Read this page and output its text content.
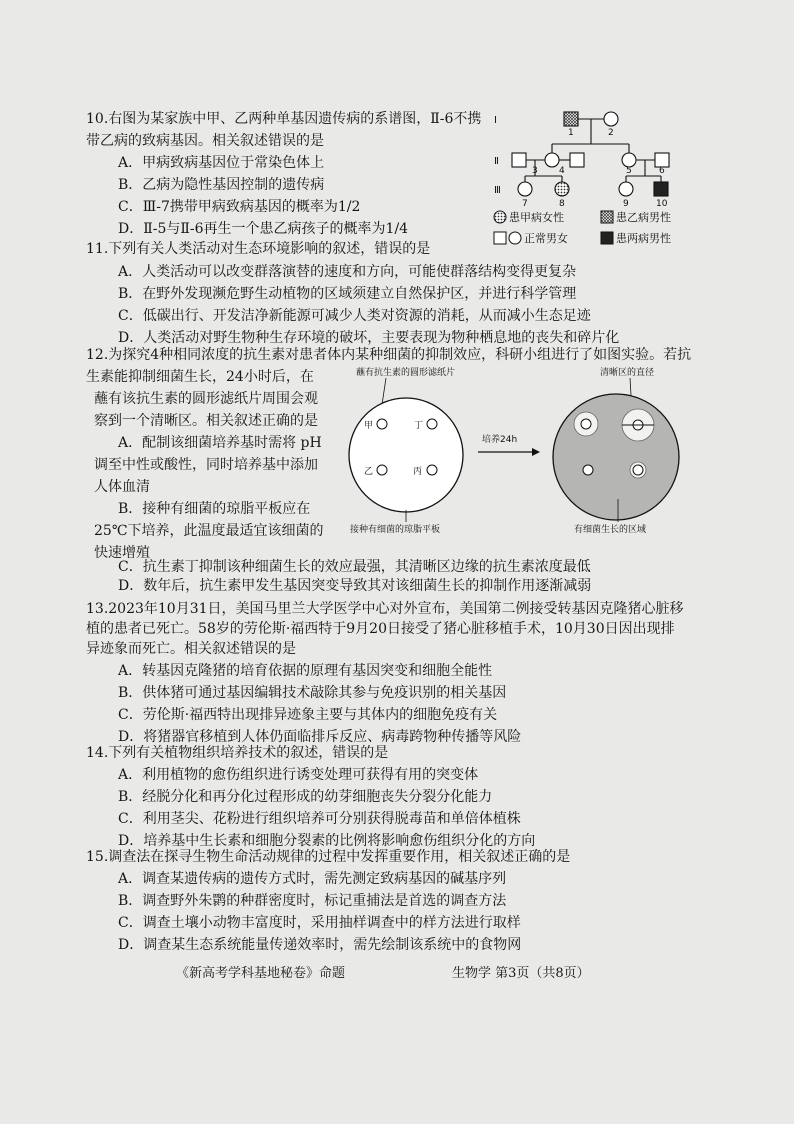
10.右图为某家族中甲、乙两种单基因遗传病的系谱图，Ⅱ-6不携
带乙病的致病基因。相关叙述错误的是
A．甲病致病基因位于常染色体上
B．乙病为隐性基因控制的遗传病
C．Ⅲ-7携带甲病致病基因的概率为1/2
D．Ⅱ-5与Ⅱ-6再生一个患乙病孩子的概率为1/4
Ⅰ
Ⅱ
Ⅲ
1	2
3 4	5	6
7	8	9	10
患甲病女性	患乙病男性
正常男女	患两病男性
11.下列有关人类活动对生态环境影响的叙述，错误的是
A．人类活动可以改变群落演替的速度和方向，可能使群落结构变得更复杂
B．在野外发现濒危野生动植物的区域须建立自然保护区，并进行科学管理
C．低碳出行、开发洁净新能源可减少人类对资源的消耗，从而减小生态足迹
D．人类活动对野生物种生存环境的破坏，主要表现为物种栖息地的丧失和碎片化
12.为探究4种相同浓度的抗生素对患者体内某种细菌的抑制效应，科研小组进行了如图实验。若抗
生素能抑制细菌生长，24小时后，在
蘸有该抗生素的圆形滤纸片周围会观
察到一个清晰区。相关叙述正确的是
A．配制该细菌培养基时需将 pH
调至中性或酸性，同时培养基中添加
人体血清
B．接种有细菌的琼脂平板应在
25℃下培养，此温度最适宜该细菌的
快速增殖
C．抗生素丁抑制该种细菌生长的效应最强，其清晰区边缘的抗生素浓度最低
D．数年后，抗生素甲发生基因突变导致其对该细菌生长的抑制作用逐渐减弱
蘸有抗生素的圆形滤纸片	清晰区的直径
甲	丁
乙	丙
培养24h
接种有细菌的琼脂平板	有细菌生长的区域
13.2023年10月31日，美国马里兰大学医学中心对外宣布，美国第二例接受转基因克隆猪心脏移
植的患者已死亡。58岁的劳伦斯·福西特于9月20日接受了猪心脏移植手术，10月30日因出现排
异迹象而死亡。相关叙述错误的是
A．转基因克隆猪的培育依据的原理有基因突变和细胞全能性
B．供体猪可通过基因编辑技术敲除其参与免疫识别的相关基因
C．劳伦斯·福西特出现排异迹象主要与其体内的细胞免疫有关
D．将猪器官移植到人体仍面临排斥反应、病毒跨物种传播等风险
14.下列有关植物组织培养技术的叙述，错误的是
A．利用植物的愈伤组织进行诱变处理可获得有用的突变体
B．经脱分化和再分化过程形成的幼芽细胞丧失分裂分化能力
C．利用茎尖、花粉进行组织培养可分别获得脱毒苗和单倍体植株
D．培养基中生长素和细胞分裂素的比例将影响愈伤组织分化的方向
15.调查法在探寻生物生命活动规律的过程中发挥重要作用，相关叙述正确的是
A．调查某遗传病的遗传方式时，需先测定致病基因的碱基序列
B．调查野外朱鹮的种群密度时，标记重捕法是首选的调查方法
C．调查土壤小动物丰富度时，采用抽样调查中的样方法进行取样
D．调查某生态系统能量传递效率时，需先绘制该系统中的食物网
《新高考学科基地秘卷》命题	生物学 第3页（共8页）
